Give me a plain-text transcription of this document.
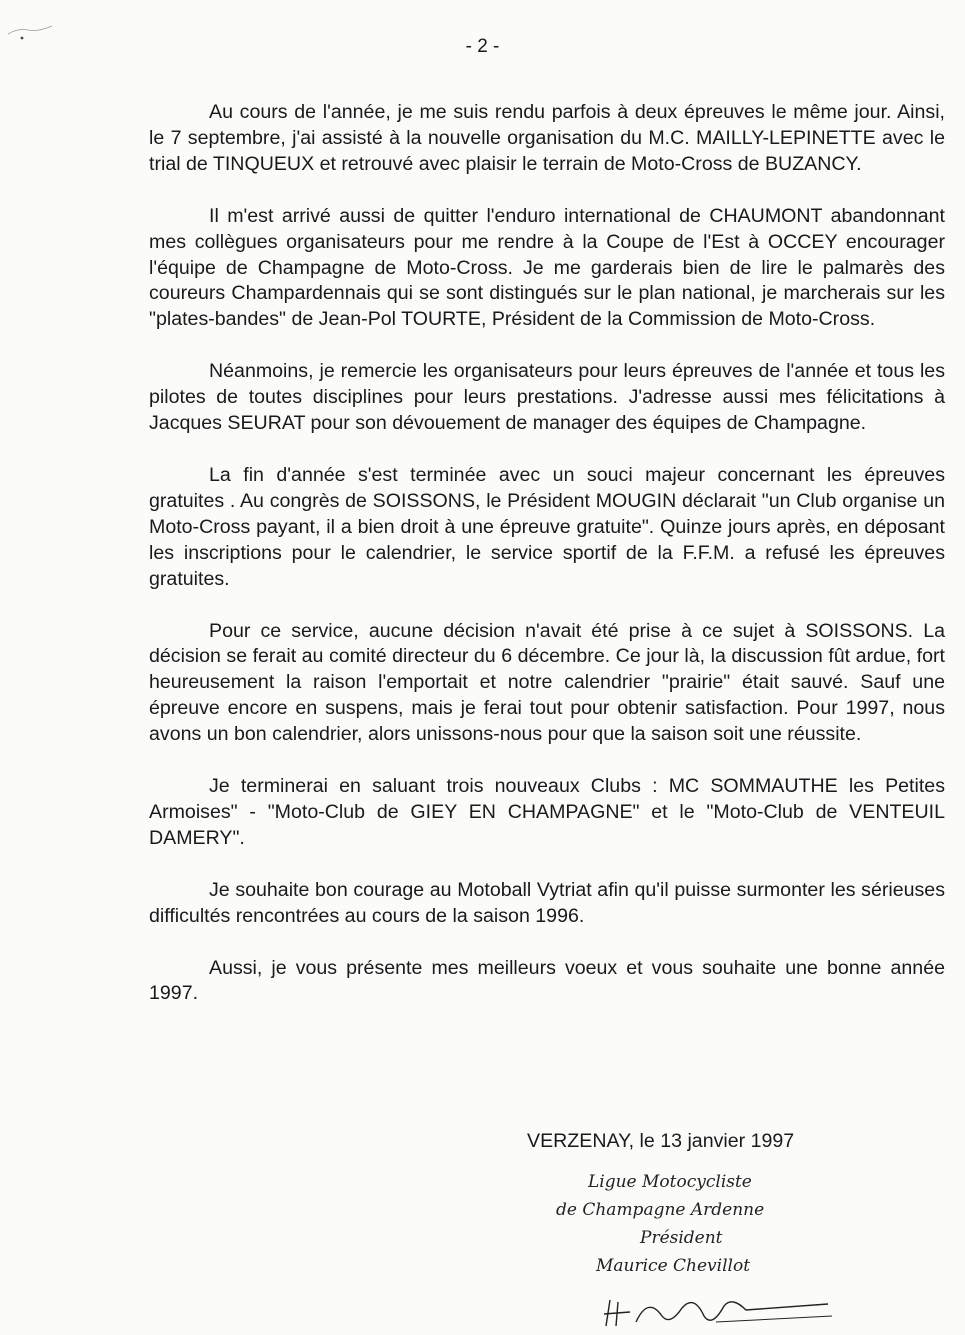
- 2 -

Au cours de l'année, je me suis rendu parfois à deux épreuves le même jour. Ainsi, le 7 septembre, j'ai assisté à la nouvelle organisation du M.C. MAILLY-LEPINETTE avec le trial de TINQUEUX et retrouvé avec plaisir le terrain de Moto-Cross de BUZANCY.

Il m'est arrivé aussi de quitter l'enduro international de CHAUMONT abandonnant mes collègues organisateurs pour me rendre à la Coupe de l'Est à OCCEY encourager l'équipe de Champagne de Moto-Cross. Je me garderais bien de lire le palmarès des coureurs Champardennais qui se sont distingués sur le plan national, je marcherais sur les "plates-bandes" de Jean-Pol TOURTE, Président de la Commission de Moto-Cross.

Néanmoins, je remercie les organisateurs pour leurs épreuves de l'année et tous les pilotes de toutes disciplines pour leurs prestations. J'adresse aussi mes félicitations à Jacques SEURAT pour son dévouement de manager des équipes de Champagne.

La fin d'année s'est terminée avec un souci majeur concernant les épreuves gratuites . Au congrès de SOISSONS, le Président MOUGIN déclarait "un Club organise un Moto-Cross payant, il a bien droit à une épreuve gratuite". Quinze jours après, en déposant les inscriptions pour le calendrier, le service sportif de la F.F.M. a refusé les épreuves gratuites.

Pour ce service, aucune décision n'avait été prise à ce sujet à SOISSONS. La décision se ferait au comité directeur du 6 décembre. Ce jour là, la discussion fût ardue, fort heureusement la raison l'emportait et notre calendrier "prairie" était sauvé. Sauf une épreuve encore en suspens, mais je ferai tout pour obtenir satisfaction. Pour 1997, nous avons un bon calendrier, alors unissons-nous pour que la saison soit une réussite.

Je terminerai en saluant trois nouveaux Clubs : MC SOMMAUTHE les Petites Armoises" - "Moto-Club de GIEY EN CHAMPAGNE" et le "Moto-Club de VENTEUIL DAMERY".

Je souhaite bon courage au Motoball Vytriat afin qu'il puisse surmonter les sérieuses difficultés rencontrées au cours de la saison 1996.

Aussi, je vous présente mes meilleurs voeux et vous souhaite une bonne année 1997.

VERZENAY, le 13 janvier 1997
Ligue Motocycliste
de Champagne Ardenne
Président
Maurice Chevillot
